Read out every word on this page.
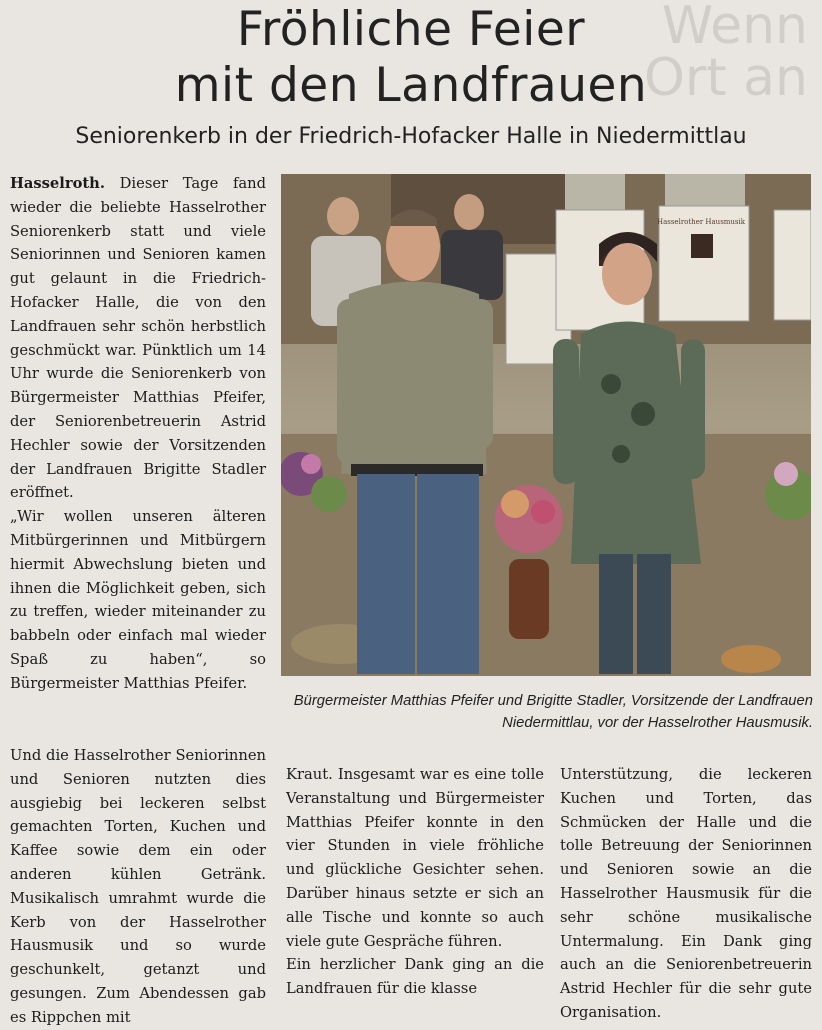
Wenn
Ort an
Fröhliche Feier
mit den Landfrauen
Seniorenkerb in der Friedrich-Hofacker Halle in Niedermittlau

Hasselroth. Dieser Tage fand wieder die beliebte Hasselrother Seniorenkerb statt und viele Seniorinnen und Senioren kamen gut gelaunt in die Friedrich-Hofacker Halle, die von den Landfrauen sehr schön herbstlich geschmückt war. Pünktlich um 14 Uhr wurde die Seniorenkerb von Bürgermeister Matthias Pfeifer, der Seniorenbetreuerin Astrid Hechler sowie der Vorsitzenden der Landfrauen Brigitte Stadler eröffnet.

„Wir wollen unseren älteren Mitbürgerinnen und Mitbürgern hiermit Abwechslung bieten und ihnen die Möglichkeit geben, sich zu treffen, wieder miteinander zu babbeln oder einfach mal wieder Spaß zu haben“, so Bürgermeister Matthias Pfeifer.

Und die Hasselrother Seniorinnen und Senioren nutzten dies ausgiebig bei leckeren selbst gemachten Torten, Kuchen und Kaffee sowie dem ein oder anderen kühlen Getränk. Musikalisch umrahmt wurde die Kerb von der Hasselrother Hausmusik und so wurde geschunkelt, getanzt und gesungen. Zum Abendessen gab es Rippchen mit

Kraut. Insgesamt war es eine tolle Veranstaltung und Bürgermeister Matthias Pfeifer konnte in den vier Stunden in viele fröhliche und glückliche Gesichter sehen. Darüber hinaus setzte er sich an alle Tische und konnte so auch viele gute Gespräche führen.

Ein herzlicher Dank ging an die Landfrauen für die klasse

Unterstützung, die leckeren Kuchen und Torten, das Schmücken der Halle und die tolle Betreuung der Seniorinnen und Senioren sowie an die Hasselrother Hausmusik für die sehr schöne musikalische Untermalung. Ein Dank ging auch an die Seniorenbetreuerin Astrid Hechler für die sehr gute Organisation.

Hasselrother Hausmusik
Bürgermeister Matthias Pfeifer und Brigitte Stadler, Vorsitzende der Landfrauen Niedermittlau, vor der Hasselrother Hausmusik.
